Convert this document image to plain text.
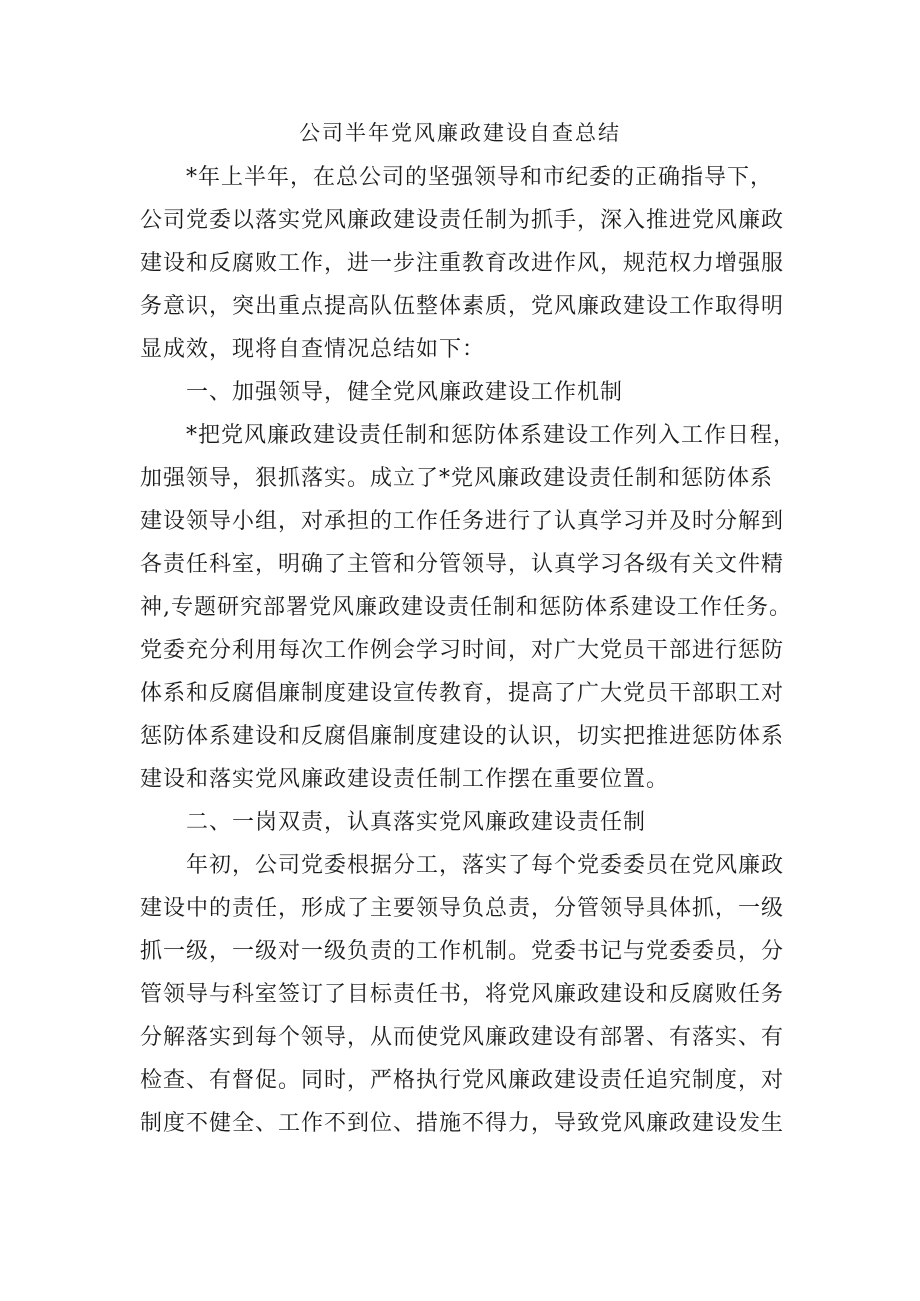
公司半年党风廉政建设自查总结

*年上半年，在总公司的坚强领导和市纪委的正确指导下，

公司党委以落实党风廉政建设责任制为抓手，深入推进党风廉政

建设和反腐败工作，进一步注重教育改进作风，规范权力增强服

务意识，突出重点提高队伍整体素质，党风廉政建设工作取得明

显成效，现将自查情况总结如下：

一、加强领导，健全党风廉政建设工作机制

*把党风廉政建设责任制和惩防体系建设工作列入工作日程，

加强领导，狠抓落实。成立了*党风廉政建设责任制和惩防体系

建设领导小组，对承担的工作任务进行了认真学习并及时分解到

各责任科室，明确了主管和分管领导，认真学习各级有关文件精

神,专题研究部署党风廉政建设责任制和惩防体系建设工作任务。

党委充分利用每次工作例会学习时间，对广大党员干部进行惩防

体系和反腐倡廉制度建设宣传教育，提高了广大党员干部职工对

惩防体系建设和反腐倡廉制度建设的认识，切实把推进惩防体系

建设和落实党风廉政建设责任制工作摆在重要位置。

二、一岗双责，认真落实党风廉政建设责任制

年初，公司党委根据分工，落实了每个党委委员在党风廉政

建设中的责任，形成了主要领导负总责，分管领导具体抓，一级

抓一级，一级对一级负责的工作机制。党委书记与党委委员，分

管领导与科室签订了目标责任书，将党风廉政建设和反腐败任务

分解落实到每个领导，从而使党风廉政建设有部署、有落实、有

检查、有督促。同时，严格执行党风廉政建设责任追究制度，对

制度不健全、工作不到位、措施不得力，导致党风廉政建设发生
